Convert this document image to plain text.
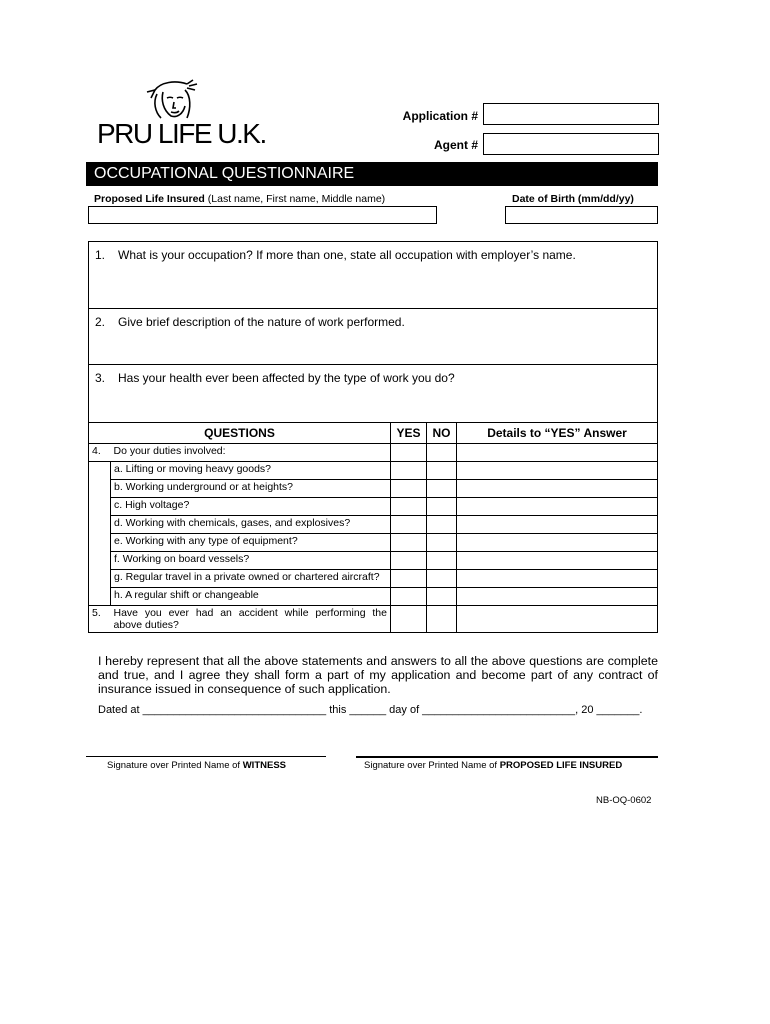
PRU LIFE U.K.
Application #
Agent #
OCCUPATIONAL QUESTIONNAIRE
Proposed Life Insured (Last name, First name, Middle name)	Date of Birth (mm/dd/yy)
1. What is your occupation? If more than one, state all occupation with employer’s name.
2. Give brief description of the nature of work performed.
3. Has your health ever been affected by the type of work you do?
QUESTIONS		YES	NO	Details to “YES” Answer
4.	Do your duties involved:			
	a. Lifting or moving heavy goods?			
	b. Working underground or at heights?			
	c. High voltage?			
	d. Working with chemicals, gases, and explosives?			
	e. Working with any type of equipment?			
	f. Working on board vessels?			
	g. Regular travel in a private owned or chartered aircraft?			
	h. A regular shift or changeable			
5.	Have you ever had an accident while performing the above duties?			
I hereby represent that all the above statements and answers to all the above questions are complete and true, and I agree they shall form a part of my application and become part of any contract of insurance issued in consequence of such application.
Dated at ______________________________ this ______ day of _________________________, 20 _______.
Signature over Printed Name of WITNESS	Signature over Printed Name of PROPOSED LIFE INSURED
NB-OQ-0602
